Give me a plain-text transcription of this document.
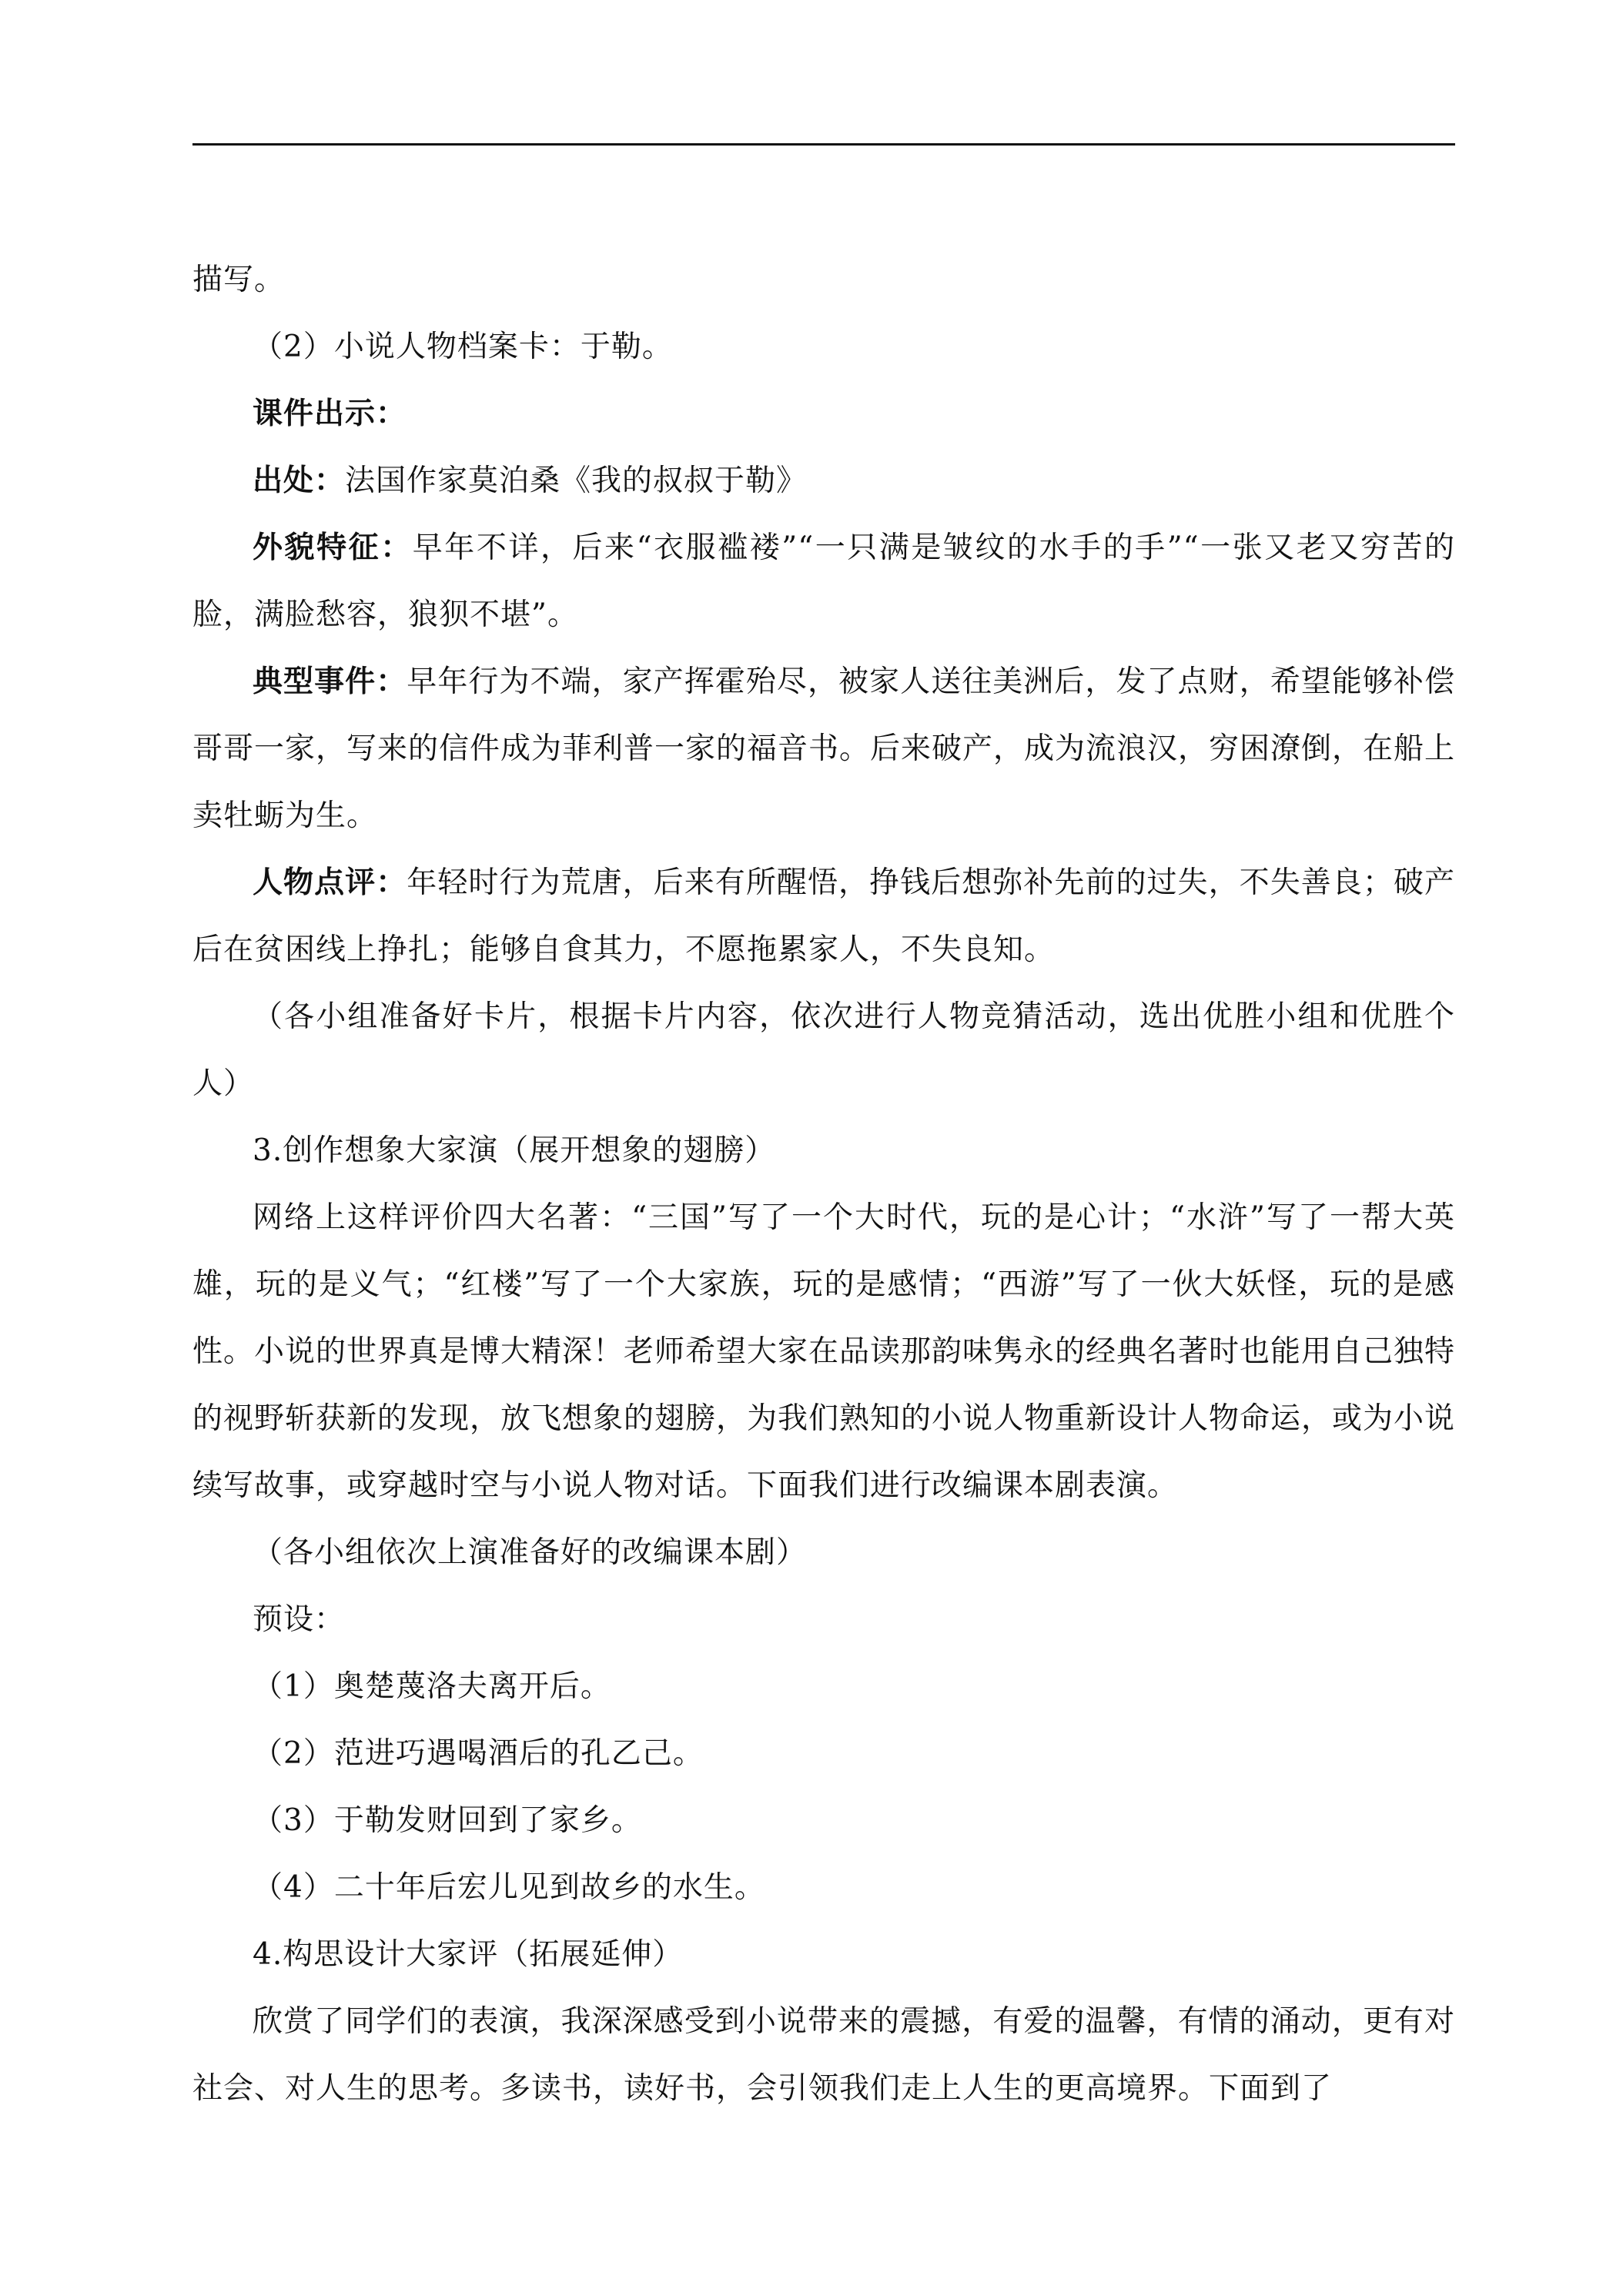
描写。

（2）小说人物档案卡：于勒。

课件出示：

出处：法国作家莫泊桑《我的叔叔于勒》

外貌特征：早年不详，后来“衣服褴褛”“一只满是皱纹的水手的手”“一张又老又穷苦的脸，满脸愁容，狼狈不堪”。

典型事件：早年行为不端，家产挥霍殆尽，被家人送往美洲后，发了点财，希望能够补偿哥哥一家，写来的信件成为菲利普一家的福音书。后来破产，成为流浪汉，穷困潦倒，在船上卖牡蛎为生。

人物点评：年轻时行为荒唐，后来有所醒悟，挣钱后想弥补先前的过失，不失善良；破产后在贫困线上挣扎；能够自食其力，不愿拖累家人，不失良知。

（各小组准备好卡片，根据卡片内容，依次进行人物竞猜活动，选出优胜小组和优胜个人）

3.创作想象大家演（展开想象的翅膀）

网络上这样评价四大名著：“三国”写了一个大时代，玩的是心计；“水浒”写了一帮大英雄，玩的是义气；“红楼”写了一个大家族，玩的是感情；“西游”写了一伙大妖怪，玩的是感性。小说的世界真是博大精深！老师希望大家在品读那韵味隽永的经典名著时也能用自己独特的视野斩获新的发现，放飞想象的翅膀，为我们熟知的小说人物重新设计人物命运，或为小说续写故事，或穿越时空与小说人物对话。下面我们进行改编课本剧表演。

（各小组依次上演准备好的改编课本剧）

预设：

（1）奥楚蔑洛夫离开后。

（2）范进巧遇喝酒后的孔乙己。

（3）于勒发财回到了家乡。

（4）二十年后宏儿见到故乡的水生。

4.构思设计大家评（拓展延伸）

欣赏了同学们的表演，我深深感受到小说带来的震撼，有爱的温馨，有情的涌动，更有对社会、对人生的思考。多读书，读好书，会引领我们走上人生的更高境界。下面到了
